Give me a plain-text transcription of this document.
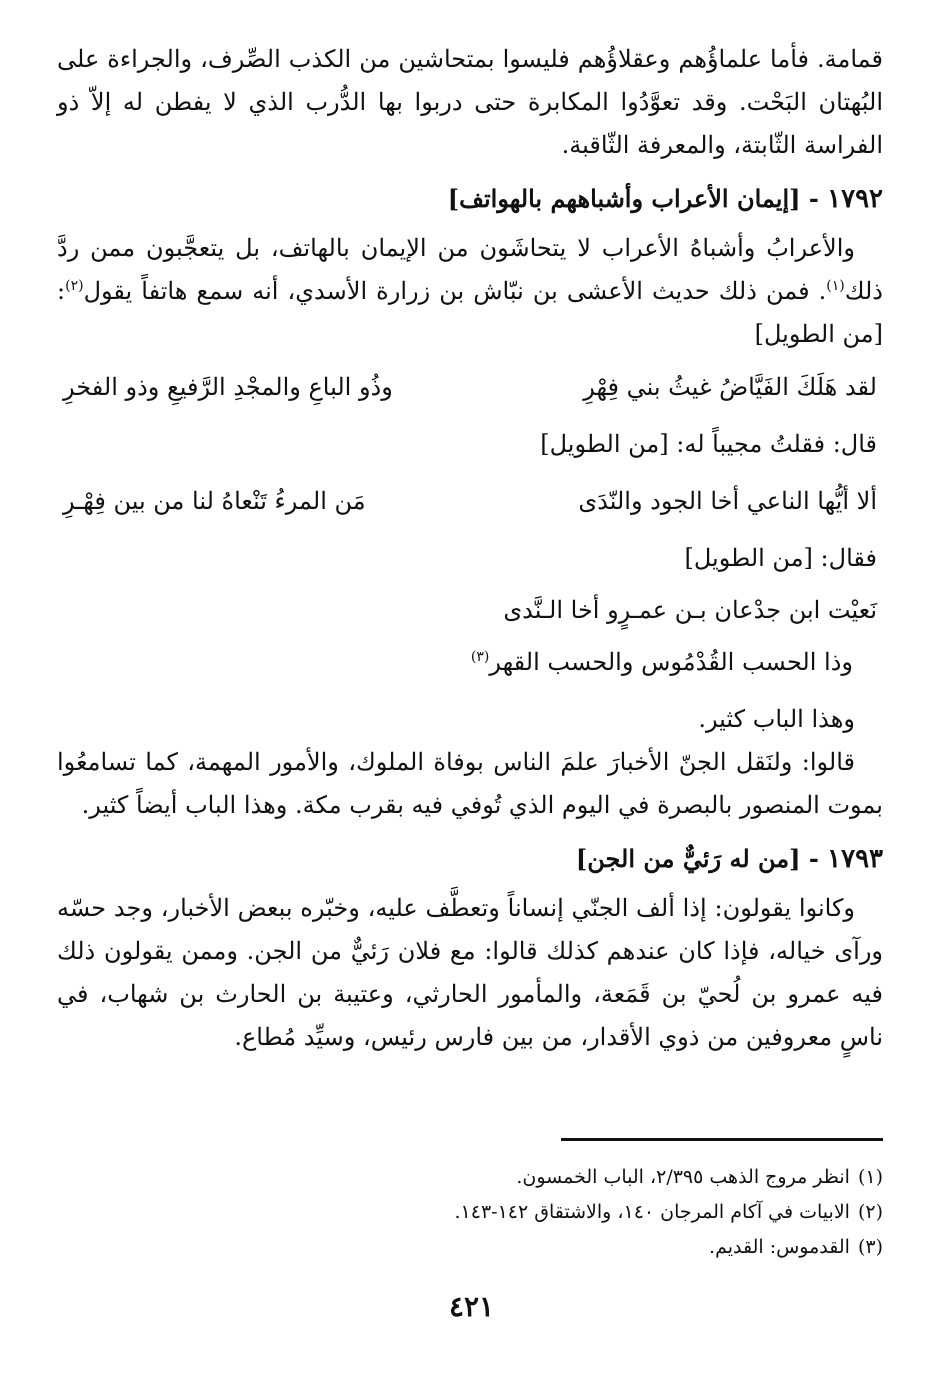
قمامة. فأما علماؤُهم وعقلاؤُهم فليسوا بمتحاشين من الكذب الصِّرف، والجراءة على البُهتان البَحْت. وقد تعوَّدُوا المكابرة حتى دربوا بها الدُّرب الذي لا يفطن له إلاّ ذو الفراسة الثّابتة، والمعرفة الثّاقبة.

١٧٩٢ - [إيمان الأعراب وأشباههم بالهواتف]

والأعرابُ وأشباهُ الأعراب لا يتحاشَون من الإيمان بالهاتف، بل يتعجَّبون ممن ردَّ ذلك$^{(١)}$. فمن ذلك حديث الأعشى بن نبّاش بن زرارة الأسدي، أنه سمع هاتفاً يقول$^{(٢)}$: [من الطويل]

لقد هَلَكَ الفَيَّاضُ غيثُ بني فِهْرِ
وذُو الباعِ والمجْدِ الرَّفيعِ وذو الفخرِ

قال: فقلتُ مجيباً له: [من الطويل]

ألا أيُّها الناعي أخا الجود والنّدَى
مَن المرءُ تَنْعاهُ لنا من بين فِهْـرِ

فقال: [من الطويل]

نَعيْت ابن جدْعان بـن عمـرٍو أخا الـنَّدى

وذا الحسب القُدْمُوس والحسب القهر$^{(٣)}$

وهذا الباب كثير.

قالوا: ولنَقل الجنّ الأخبارَ علمَ الناس بوفاة الملوك، والأمور المهمة، كما تسامعُوا بموت المنصور بالبصرة في اليوم الذي تُوفي فيه بقرب مكة. وهذا الباب أيضاً كثير.

١٧٩٣ - [من له رَئيٌّ من الجن]

وكانوا يقولون: إذا ألف الجنّي إنساناً وتعطَّف عليه، وخبّره ببعض الأخبار، وجد حسّه ورآى خياله، فإذا كان عندهم كذلك قالوا: مع فلان رَئيٌّ من الجن. وممن يقولون ذلك فيه عمرو بن لُحيّ بن قَمَعة، والمأمور الحارثي، وعتيبة بن الحارث بن شهاب، في ناسٍ معروفين من ذوي الأقدار، من بين فارس رئيس، وسيِّد مُطاع.

(١)انظر مروج الذهب ٢/٣٩٥، الباب الخمسون.
(٢)الابيات في آكام المرجان ١٤٠، والاشتقاق ١٤٢-١٤٣.
(٣)القدموس: القديم.
٤٢١
